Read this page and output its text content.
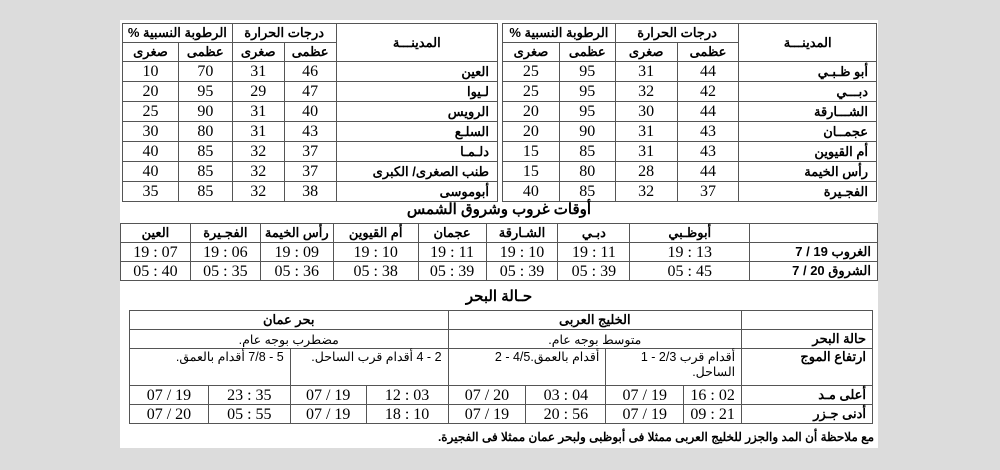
الرطوبة النسبية %		درجات الحرارة		المدينـــة
صغرى	عظمى	صغرى	عظمى	
10	70	31	46	العين
20	95	29	47	لـيوا
25	90	31	40	الرويس
30	80	31	43	السلـع
40	85	32	37	دلـمـا
40	85	32	37	طنب الصغرى/ الكبرى
35	85	32	38	أبوموسى
الرطوبة النسبية %		درجات الحرارة		المدينـــة
صغرى	عظمى	صغرى	عظمى	
25	95	31	44	أبو ظـبـي
25	95	32	42	دبـــي
20	95	30	44	الشـــارقة
20	90	31	43	عجمــان
15	85	31	43	أم القيوين
15	80	28	44	رأس الخيمة
40	85	32	37	الفجـيرة
أوقات غروب وشروق الشمس
العين	الفجـيرة	رأس الخيمة	أم القيوين	عجمان	الشـارقة	دبـي	أبوظـبي	
19 : 07	19 : 06	19 : 09	19 : 10	19 : 11	19 : 10	19 : 11	19 : 13	الغروب 19 / 7
05 : 40	05 : 35	05 : 36	05 : 38	05 : 39	05 : 39	05 : 39	05 : 45	الشروق 20 / 7
حـالة البحر
بحر عمان				الخليج العربى				
مضطرب بوجه عام.				متوسط بوجه عام.				حالة البحر
5 - 7/8 أقدام بالعمق.		2 - 4 أقدام قرب الساحل.		أقدام بالعمق.4/5 - 2		أقدام قرب 2/3 - 1 الساحل.		ارتفاع الموج
07 / 19	23 : 35	07 / 19	12 : 03	07 / 20	03 : 04	07 / 19	16 : 02	أعلى مـد
07 / 20	05 : 55	07 / 19	18 : 10	07 / 19	20 : 56	07 / 19	09 : 21	أدنى جـزر
مع ملاحظة أن المد والجزر للخليج العربى ممثلا فى أبوظبى ولبحر عمان ممثلا فى الفجيرة.
